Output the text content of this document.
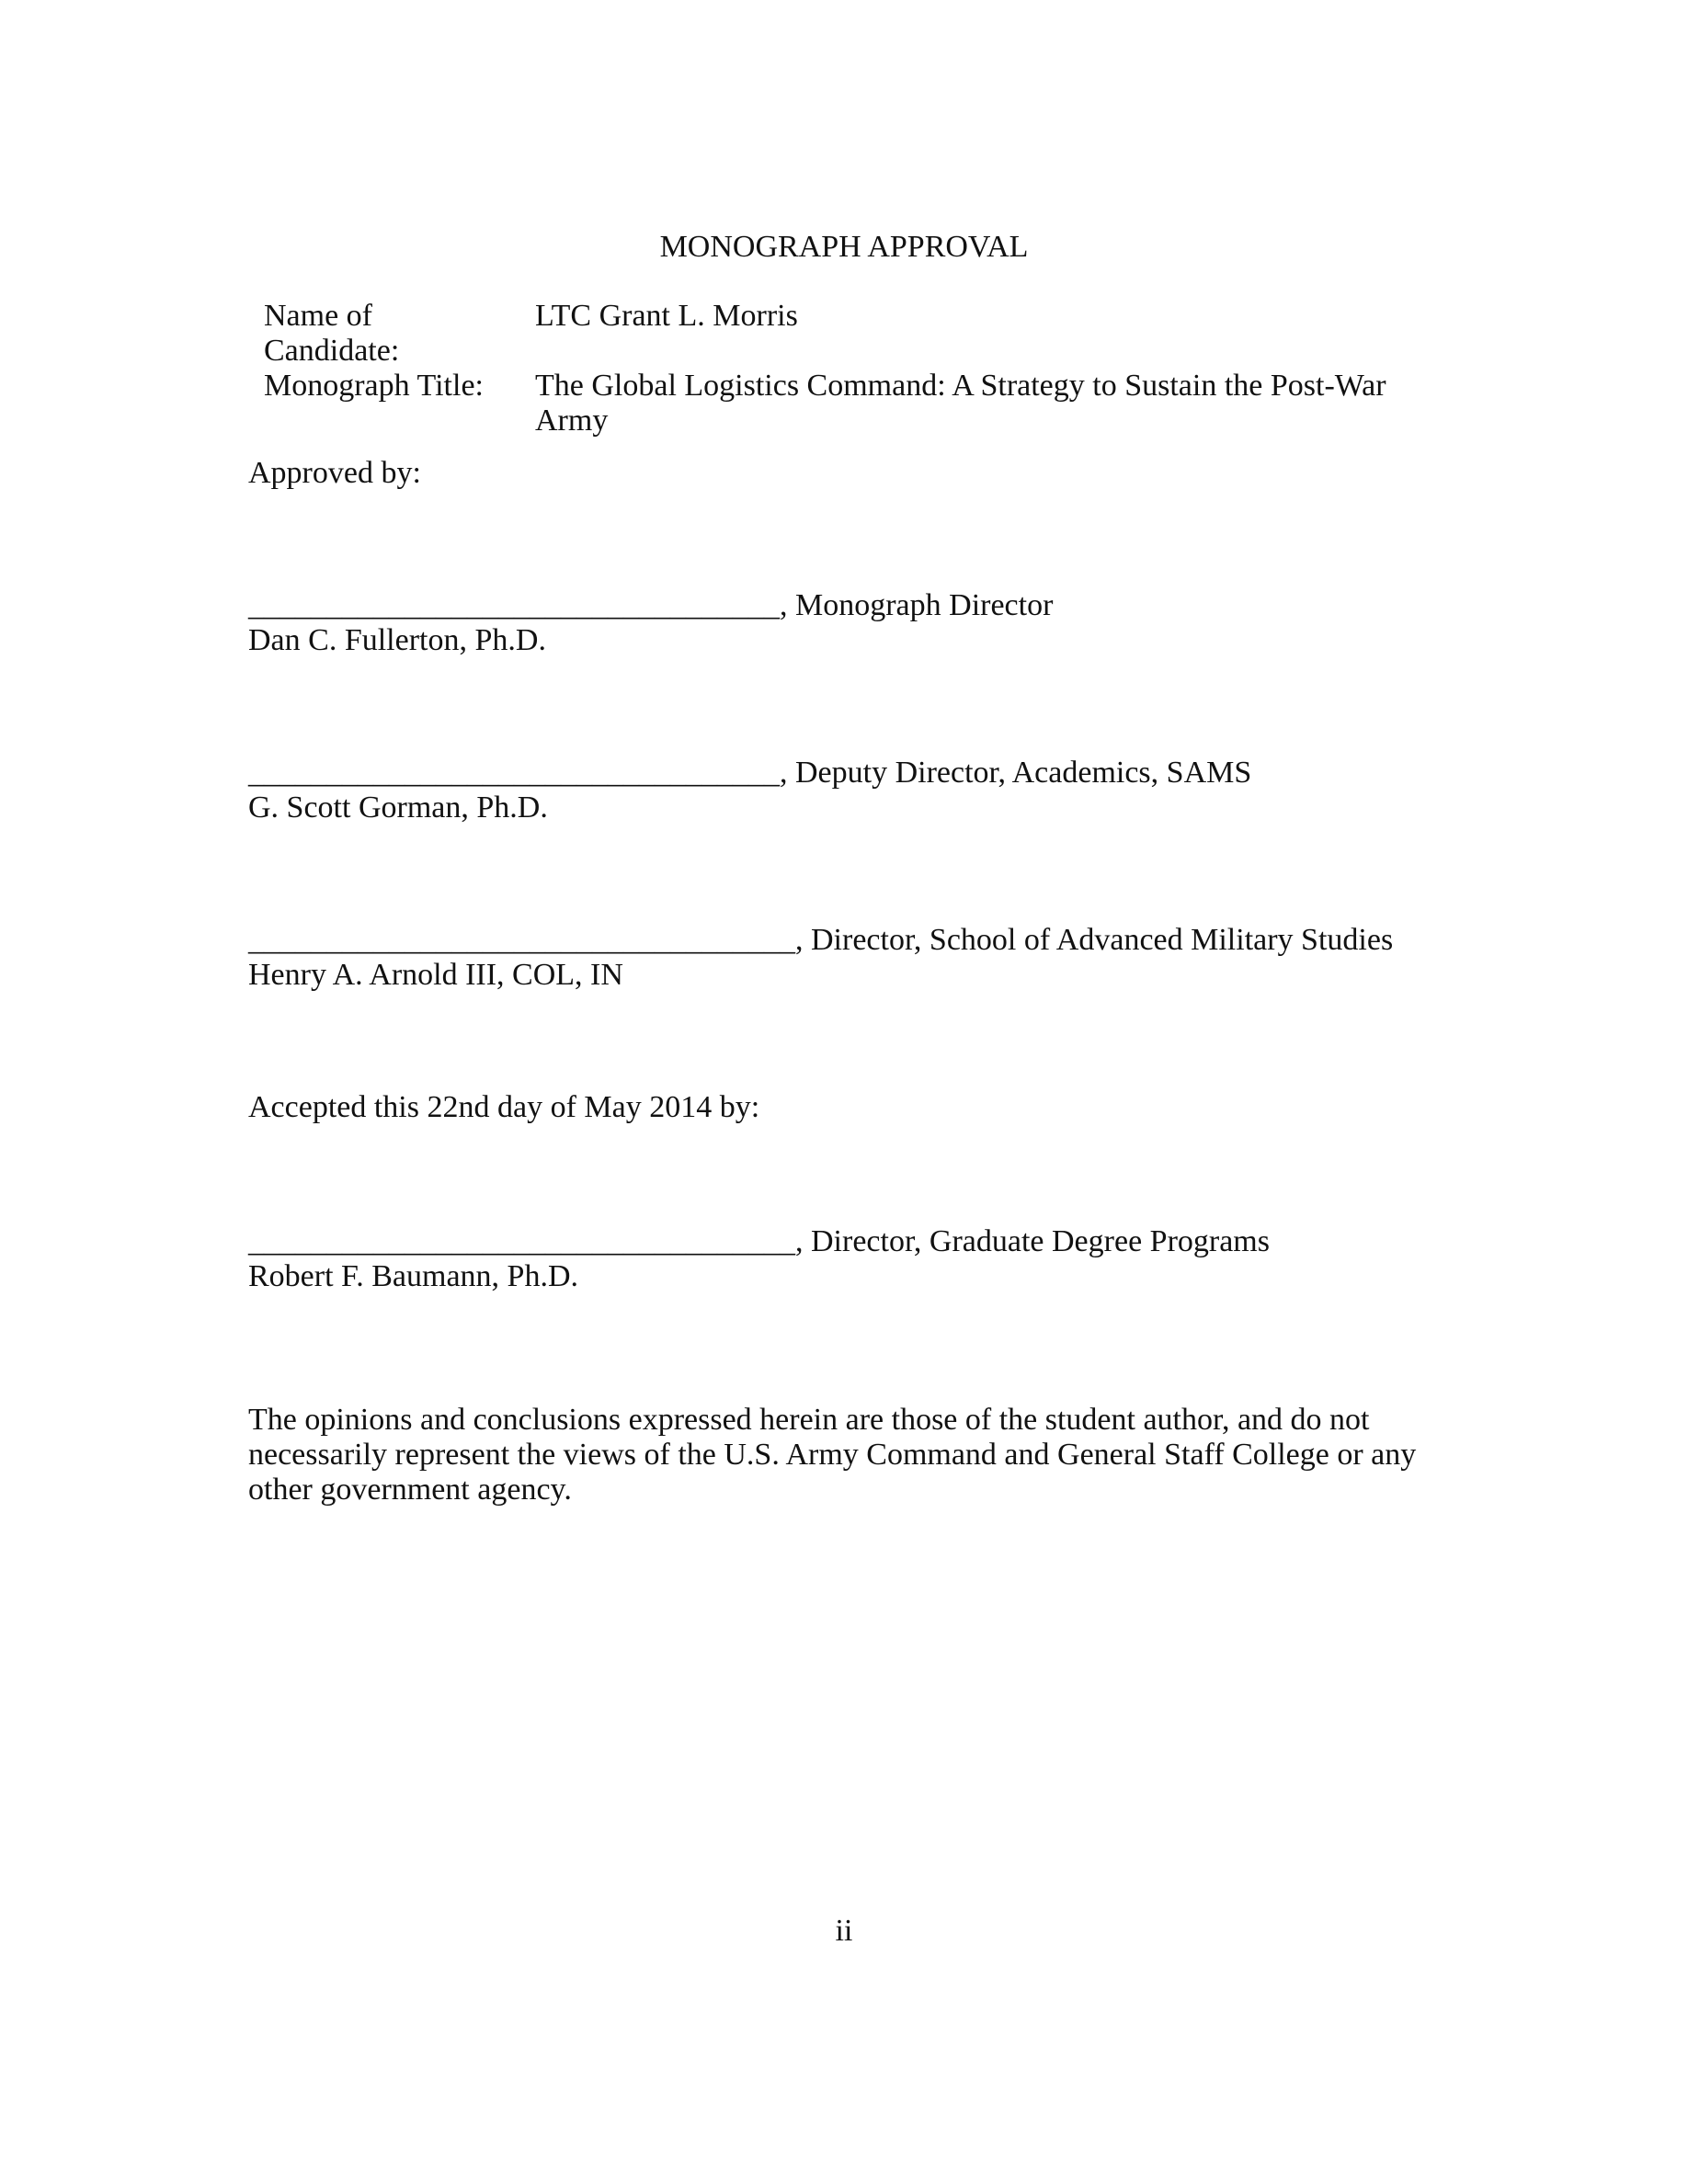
MONOGRAPH APPROVAL
Name of
Candidate:
LTC Grant L. Morris
Monograph Title: The Global Logistics Command: A Strategy to Sustain the Post-War
Army
Approved by:
__________________________________, Monograph Director
Dan C. Fullerton, Ph.D.
__________________________________, Deputy Director, Academics, SAMS
G. Scott Gorman, Ph.D.
___________________________________, Director, School of Advanced Military Studies
Henry A. Arnold III, COL, IN
Accepted this 22nd day of May 2014 by:
___________________________________, Director, Graduate Degree Programs
Robert F. Baumann, Ph.D.
The opinions and conclusions expressed herein are those of the student author, and do not necessarily represent the views of the U.S. Army Command and General Staff College or any other government agency.
ii
